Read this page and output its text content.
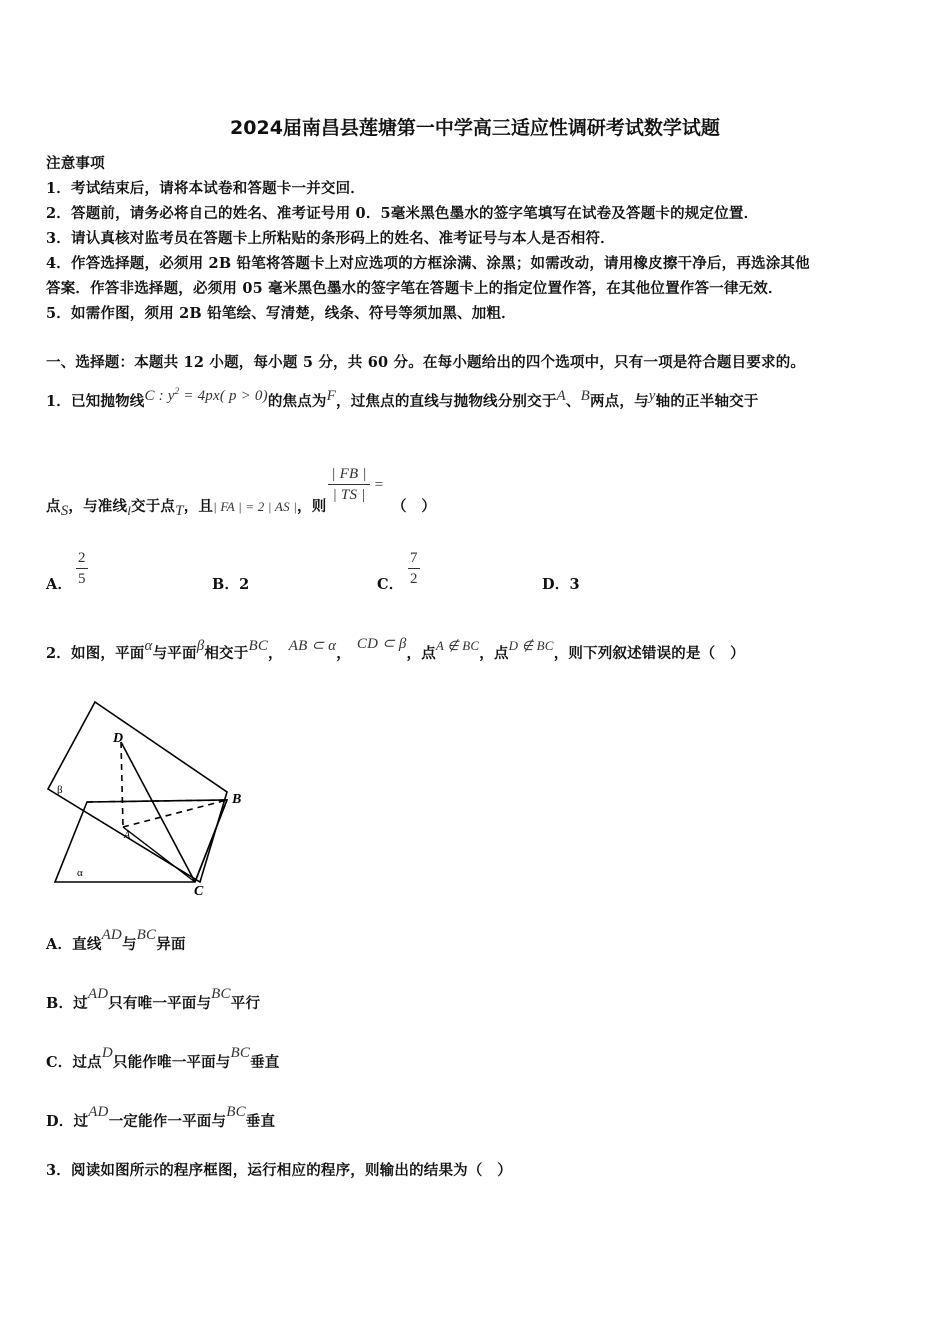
2024届南昌县莲塘第一中学高三适应性调研考试数学试题
注意事项
1．考试结束后，请将本试卷和答题卡一并交回．
2．答题前，请务必将自己的姓名、准考证号用 0．5毫米黑色墨水的签字笔填写在试卷及答题卡的规定位置．
3．请认真核对监考员在答题卡上所粘贴的条形码上的姓名、准考证号与本人是否相符．
4．作答选择题，必须用 2B 铅笔将答题卡上对应选项的方框涂满、涂黑；如需改动，请用橡皮擦干净后，再选涂其他
答案．作答非选择题，必须用 05 毫米黑色墨水的签字笔在答题卡上的指定位置作答，在其他位置作答一律无效．
5．如需作图，须用 2B 铅笔绘、写清楚，线条、符号等须加黑、加粗．
一、选择题：本题共 12 小题，每小题 5 分，共 60 分。在每小题给出的四个选项中，只有一项是符合题目要求的。
1．已知抛物线C : $y^2 = 4px$( p > 0)的焦点为F，过焦点的直线与抛物线分别交于A、B两点，与y轴的正半轴交于
点S，与准线l交于点T，且| FA | = 2 | AS |，则
$\frac{| FB |}{| TS |}$ =（　）
A． $\frac{2}{5}$	B．2	C． $\frac{7}{2}$	D．3
2．如图，平面α与平面β相交于BC， AB ⊂ α，CD ⊂ β，点A ∉ BC，点D ∉ BC，则下列叙述错误的是（　）
D
B
A
C
β
α
A．直线AD与BC异面
B．过AD只有唯一平面与BC平行
C．过点D只能作唯一平面与BC垂直
D．过AD一定能作一平面与BC垂直
3．阅读如图所示的程序框图，运行相应的程序，则输出的结果为（　）
